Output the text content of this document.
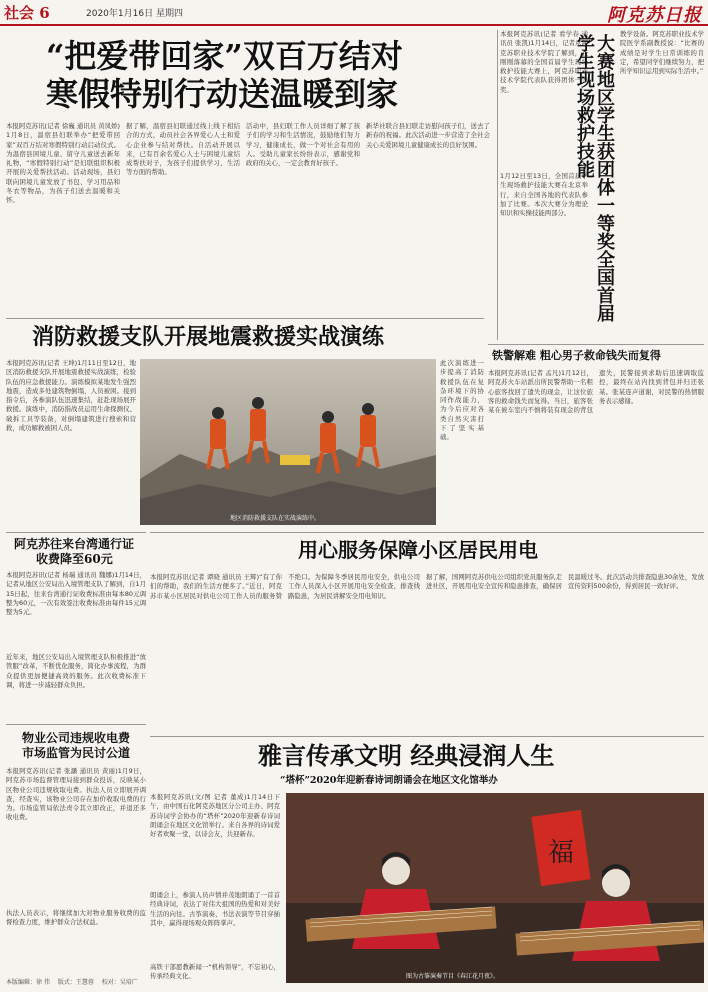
社会 6	2020年1月16日 星期四	阿克苏日报
“把爱带回家”双百万结对
寒假特别行动送温暖到家
本报阿克苏讯(记者 徐巍 通讯员 黄凤娇)1月8日，温宿县妇联举办“把爱带回家”双百万结对寒假特别行动启动仪式。为温宿县困境儿童、留守儿童送去新年礼物，“寒假特别行动”是妇联组织积极开展的关爱帮扶活动。活动现场，县妇联向困境儿童发放了书包、学习用品和冬衣等物品，为孩子们送去温暖和关怀。
据了解，温宿县妇联通过线上线下相结合的方式，动员社会各界爱心人士和爱心企业参与结对帮扶。自活动开展以来，已有百余名爱心人士与困境儿童结成帮扶对子，为孩子们提供学习、生活等方面的帮助。
活动中，县妇联工作人员详细了解了孩子们的学习和生活情况，鼓励他们努力学习，健康成长，做一个对社会有用的人。受助儿童家长纷纷表示，感谢党和政府的关心，一定会教育好孩子。
新华社联合县妇联走访慰问孩子们，送去了新春的祝福。此次活动进一步营造了全社会关心关爱困境儿童健康成长的良好氛围。
本报阿克苏讯(记者 看学春 通讯员 张凯)1月14日，记者从阿克苏职业技术学院了解到，在刚刚落幕的全国首届学生现场救护技能大赛上，阿克苏职业技术学院代表队获得团体一等奖。
1月12日至13日，全国首届学生现场救护技能大赛在北京举行，来自全国各地的代表队参加了比赛。本次大赛分为理论知识和实操技能两部分。	大赛地区学生获团体一等奖全国首届学生现场救护技能	教学设备。阿克苏职业技术学院医学系副教授说：“比赛的成绩是对学生日常训练的肯定，希望同学们继续努力，把所学知识运用到实际生活中。”
消防救援支队开展地震救援实战演练
本报阿克苏讯(记者 王坤)1月11日至12日，地区消防救援支队开展地震救援实战演练，检验队伍的应急救援能力。演练模拟某地发生强烈地震，造成多处建筑物倒塌，人员被困。接到指令后，各参演队伍迅速集结，赶赴现场展开救援。演练中，消防指战员运用生命探测仪、破拆工具等装备，对倒塌建筑进行搜索和营救，成功解救被困人员。
地区消防救援支队在实战演练中。
此次演练进一步提高了消防救援队伍在复杂环境下的协同作战能力，为今后应对各类自然灾害打下了坚实基础。
铁警解难 粗心男子救命钱失而复得
本报阿克苏讯(记者 孟凡)1月12日，阿克苏火车站派出所民警帮助一名粗心旅客找回了遗失的现金，让这位旅客的救命钱失而复得。当日，旅客张某在候车室内不慎将装有现金的背包遗失，民警接到求助后迅速调取监控，最终在站内找到背包并归还张某。张某连声道谢，对民警的热情服务表示感谢。
阿克苏往来台湾通行证
收费降至60元
本报阿克苏讯(记者 杨瑞 通讯员 魏娜)1月14日，记者从地区公安局出入境管理支队了解到，自1月15日起，往来台湾通行证收费标准由每本80元调整为60元，一次有效签注收费标准由每件15元调整为5元。
近年来，地区公安局出入境管理支队积极推进“放管服”改革，不断优化服务，简化办事流程，为群众提供更加便捷高效的服务。此次收费标准下调，将进一步减轻群众负担。
用心服务保障小区居民用电
本报阿克苏讯(记者 谭晓 通讯员 王辉)“有了你们的帮助，我们的生活方便多了。”近日，阿克苏市某小区居民对供电公司工作人员的服务赞不绝口。为保障冬季居民用电安全，供电公司工作人员深入小区开展用电安全检查，排查线路隐患，为居民讲解安全用电知识。
据了解，国网阿克苏供电公司组织党员服务队走进社区，开展用电安全宣传和隐患排查，确保居民温暖过冬。此次活动共排查隐患30余处，发放宣传资料500余份，得到居民一致好评。
物业公司违规收电费
市场监管为民讨公道
本报阿克苏讯(记者 张灏 通讯员 黄丽)1月9日，阿克苏市场监督管理局接到群众投诉，反映某小区物业公司违规收取电费。执法人员立即展开调查，经查实，该物业公司存在加价收取电费的行为。市场监管局依法责令其立即改正，并退还多收电费。
执法人员表示，将继续加大对物业服务收费的监督检查力度，维护群众合法权益。
本版编辑：徐 伟 　版式：王慧蓉 　校对：吴培广
雅言传承文明 经典浸润人生
“塔杯”2020年迎新春诗词朗诵会在地区文化馆举办
本报阿克苏讯(文/图 记者 董成)1月14日下午，由中国石化阿克苏地区分公司主办、阿克苏诗词学会协办的“塔杯”2020年迎新春诗词朗诵会在地区文化馆举行。来自各界的诗词爱好者欢聚一堂，以诗会友，共迎新春。
朗诵会上，参演人员声情并茂地朗诵了一首首经典诗词，表达了对伟大祖国的热爱和对美好生活的向往。古筝演奏、书法表演等节目穿插其中，赢得现场观众阵阵掌声。
高铁干部愿教新闻一“机构领导”，不忘初心，传承经典文化。
福
图为古筝演奏节目《春江花月夜》。
